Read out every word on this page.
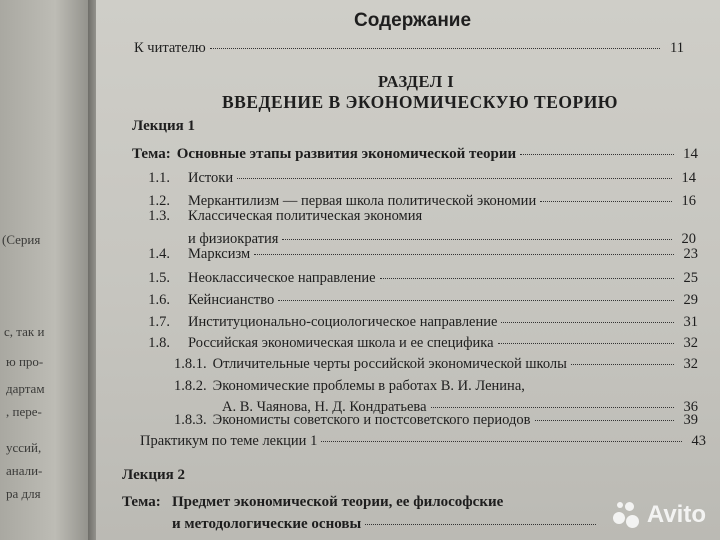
(Серия
с, так и
ю про-
дартам
, пере-
уссий,
анали-
ра для
Содержание
К читателю	11
РАЗДЕЛ I
ВВЕДЕНИЕ В ЭКОНОМИЧЕСКУЮ ТЕОРИЮ
Лекция 1
Тема: Основные этапы развития экономической теории	14
1.1. Истоки	14
1.2. Меркантилизм — первая школа политической экономии	16
1.3. Классическая политическая экономия
и физиократия	20
1.4. Марксизм	23
1.5. Неоклассическое направление	25
1.6. Кейнсианство	29
1.7. Институционально-социологическое направление	31
1.8. Российская экономическая школа и ее специфика	32
1.8.1. Отличительные черты российской экономической школы	32
1.8.2. Экономические проблемы в работах В. И. Ленина,
А. В. Чаянова, Н. Д. Кондратьева	36
1.8.3. Экономисты советского и постсоветского периодов	39
Практикум по теме лекции 1	43
Лекция 2
Тема: Предмет экономической теории, ее философские
и методологические основы	Avito
